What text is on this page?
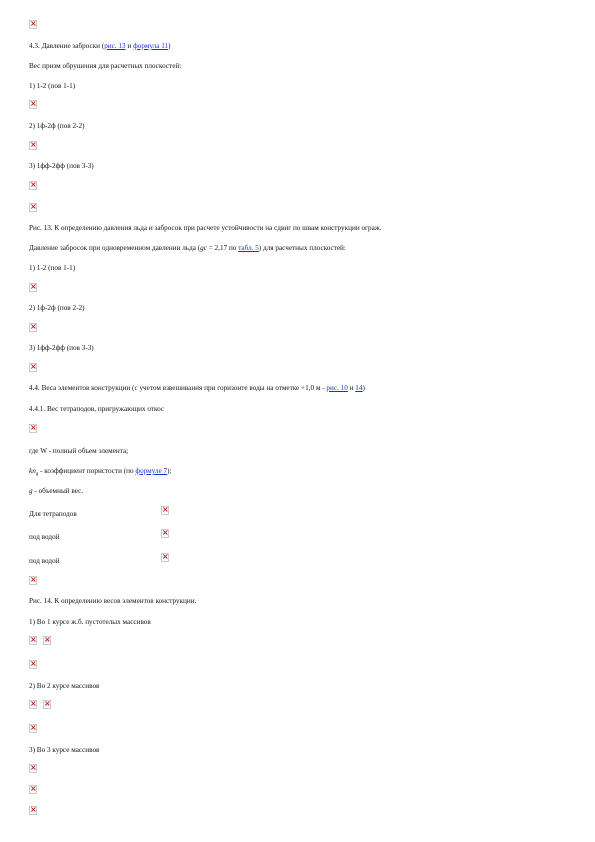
×
4.3. Давление заброски (рис. 13 и формула 11)
Вес призм обрушения для расчетных плоскостей:
1) 1-2 (пов 1-1)
×
2) 1ф-2ф (пов 2-2)
×
3) 1фф-2фф (пов 3-3)
×
×
Рис. 13. К определению давления льда и забросок при расчете устойчивости на сдвиг по швам конструкции ограж.
Давление забросок при одновременном давлении льда (gc = 2,17 по табл. 5) для расчетных плоскостей:
1) 1-2 (пов 1-1)
×
2) 1ф-2ф (пов 2-2)
×
3) 1фф-2фф (пов 3-3)
×
4.4. Веса элементов конструкции (с учетом взвешивания при горизонте воды на отметке +1,0 м - рис. 10 и 14)
4.4.1. Вес тетраподов, пригружающих откос
×
где W - полный объем элемента;
$kn_d$ - коэффициент пористости (по формуле 7);
g - объемный вес.
Для тетраподов
×
под водой
×
под водой
×
×
Рис. 14. К определению весов элементов конструкции.
1) Во 1 курсе ж.б. пустотелых массивов
×
×
×
2) Во 2 курсе массивов
×
×
×
3) Во 3 курсе массивов
×
×
×
